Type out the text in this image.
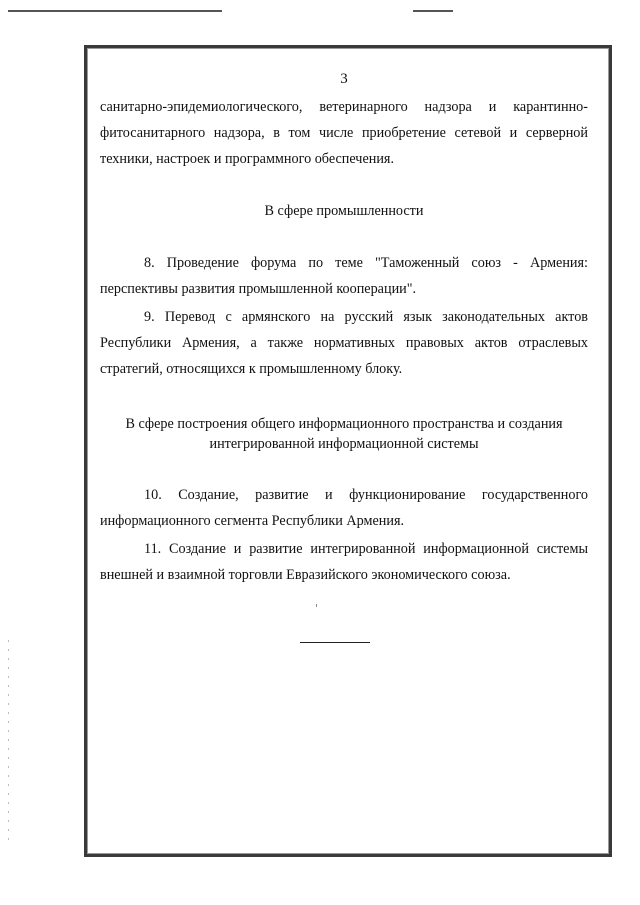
3

санитарно-эпидемиологического, ветеринарного надзора и карантинно-фитосанитарного надзора, в том числе приобретение сетевой и серверной техники, настроек и программного обеспечения.

В сфере промышленности

8. Проведение форума по теме "Таможенный союз - Армения: перспективы развития промышленной кооперации".

9. Перевод с армянского на русский язык законодательных актов Республики Армения, а также нормативных правовых актов отраслевых стратегий, относящихся к промышленному блоку.

В сфере построения общего информационного пространства и создания
интегрированной информационной системы

10. Создание, развитие и функционирование государственного информационного сегмента Республики Армения.

11. Создание и развитие интегрированной информационной системы внешней и взаимной торговли Евразийского экономического союза.
